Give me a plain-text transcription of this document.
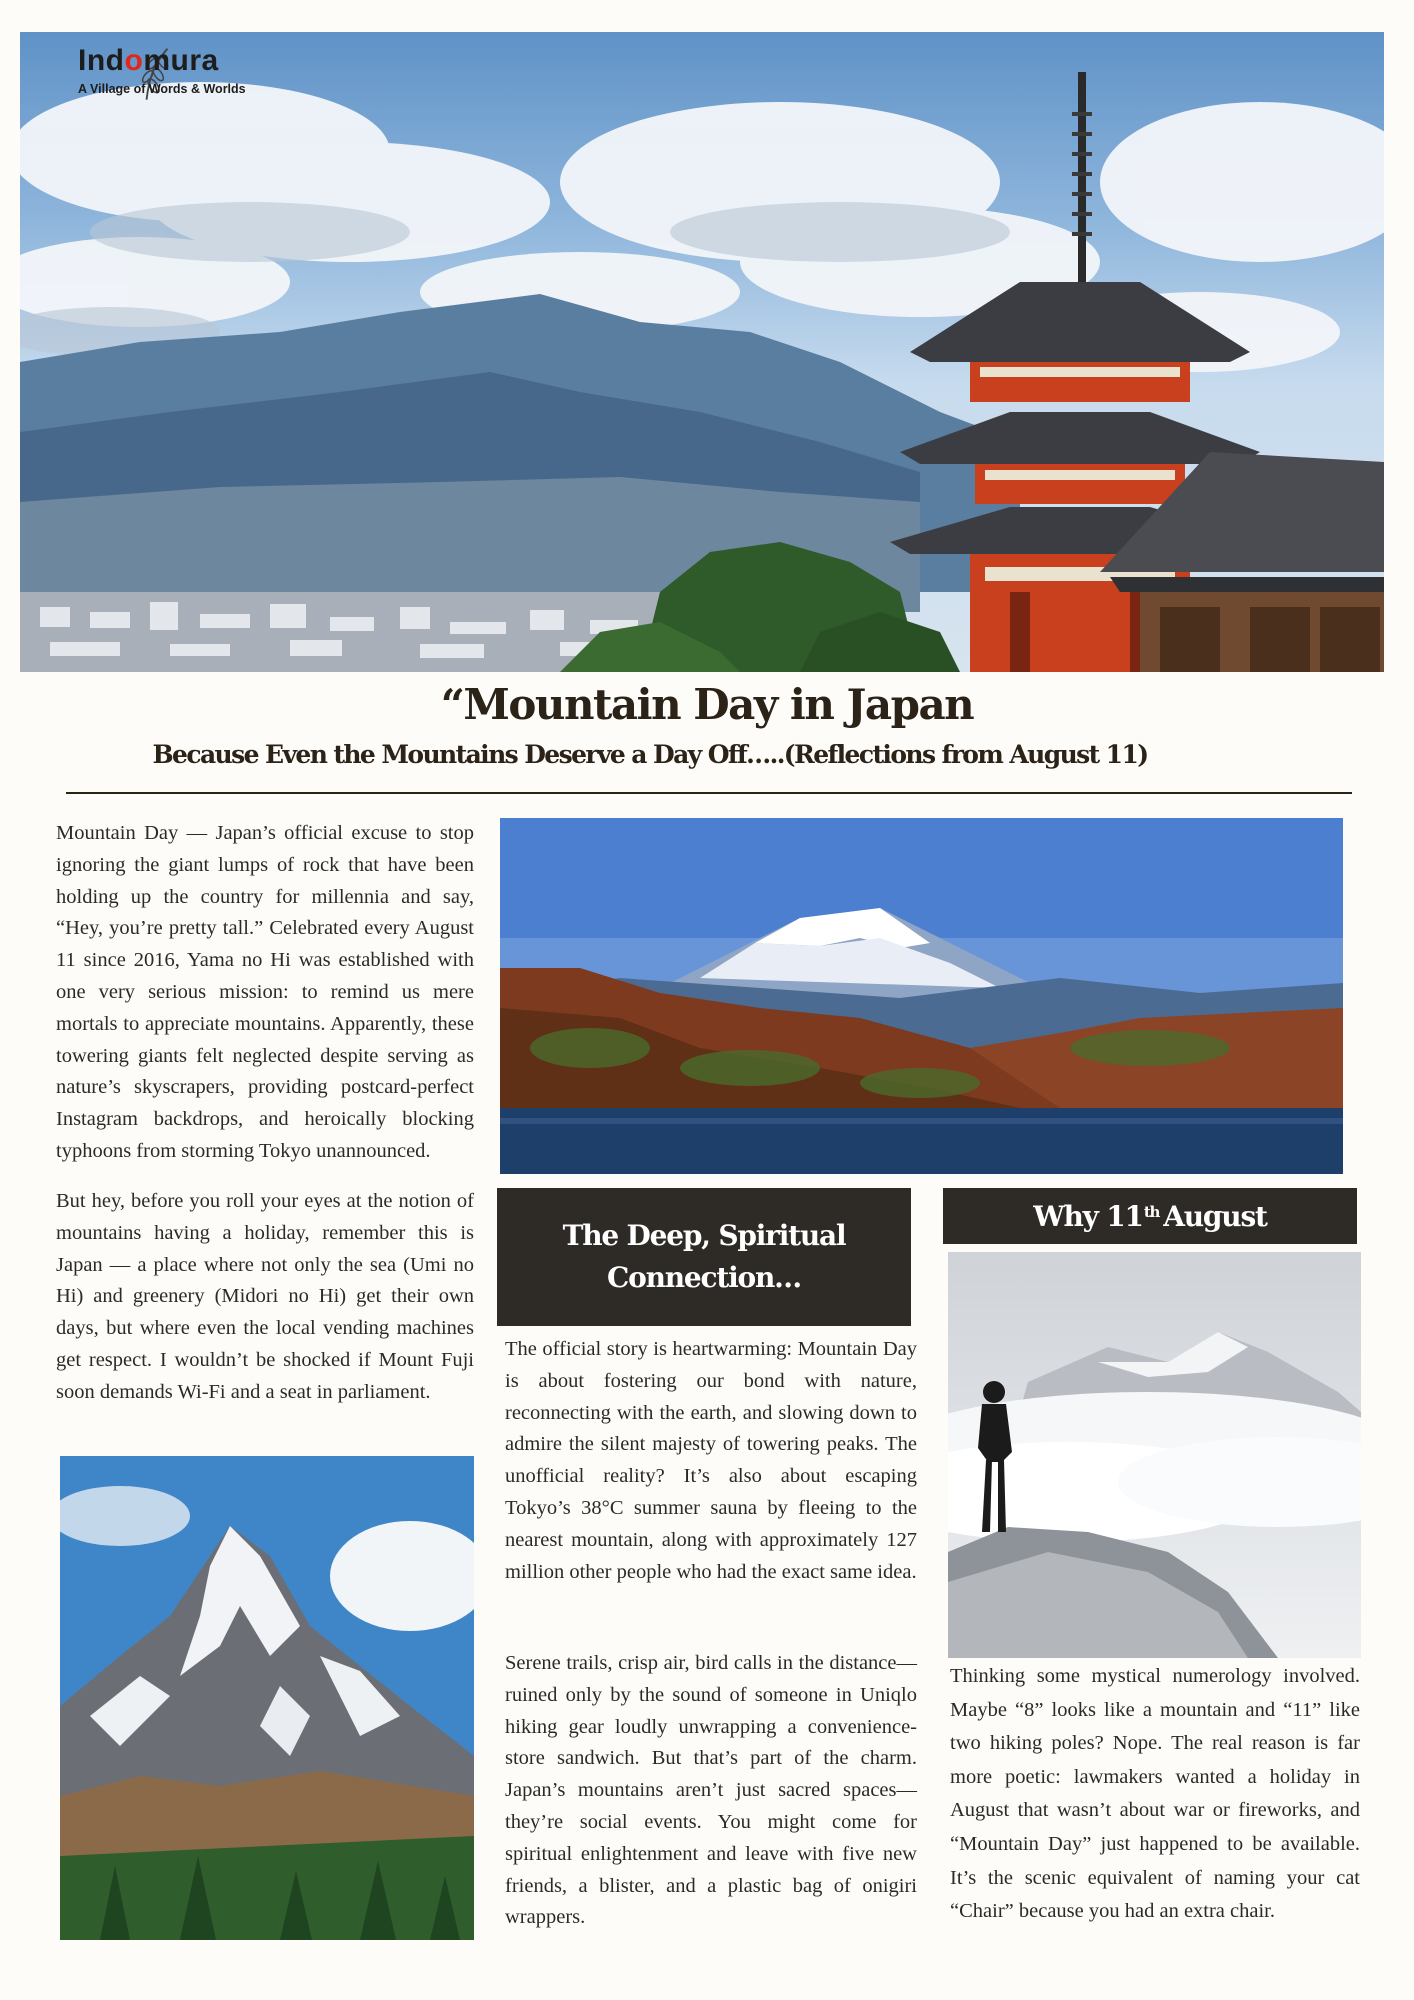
Indomura
A Village of Words & Worlds
“Mountain Day in Japan
Because Even the Mountains Deserve a Day Off…..(Reflections from August 11)

Mountain Day — Japan’s official excuse to stop ignoring the giant lumps of rock that have been holding up the country for millennia and say, “Hey, you’re pretty tall.” Celebrated every August 11 since 2016, Yama no Hi was established with one very serious mission: to remind us mere mortals to appreciate mountains. Apparently, these towering giants felt neglected despite serving as nature’s skyscrapers, providing postcard-perfect Instagram backdrops, and heroically blocking typhoons from storming Tokyo unannounced.

But hey, before you roll your eyes at the notion of mountains having a holiday, remember this is Japan — a place where not only the sea (Umi no Hi) and greenery (Midori no Hi) get their own days, but where even the local vending machines get respect. I wouldn’t be shocked if Mount Fuji soon demands Wi-Fi and a seat in parliament.

The Deep, Spiritual
Connection…

The official story is heartwarming: Mountain Day is about fostering our bond with nature, reconnecting with the earth, and slowing down to admire the silent majesty of towering peaks. The unofficial reality? It’s also about escaping Tokyo’s 38°C summer sauna by fleeing to the nearest mountain, along with approximately 127 million other people who had the exact same idea.

Serene trails, crisp air, bird calls in the distance—ruined only by the sound of someone in Uniqlo hiking gear loudly unwrapping a convenience-store sandwich. But that’s part of the charm. Japan’s mountains aren’t just sacred spaces—they’re social events. You might come for spiritual enlightenment and leave with five new friends, a blister, and a plastic bag of onigiri wrappers.

Why 11th August

Thinking some mystical numerology involved. Maybe “8” looks like a mountain and “11” like two hiking poles? Nope. The real reason is far more poetic: lawmakers wanted a holiday in August that wasn’t about war or fireworks, and “Mountain Day” just happened to be available. It’s the scenic equivalent of naming your cat “Chair” because you had an extra chair.
